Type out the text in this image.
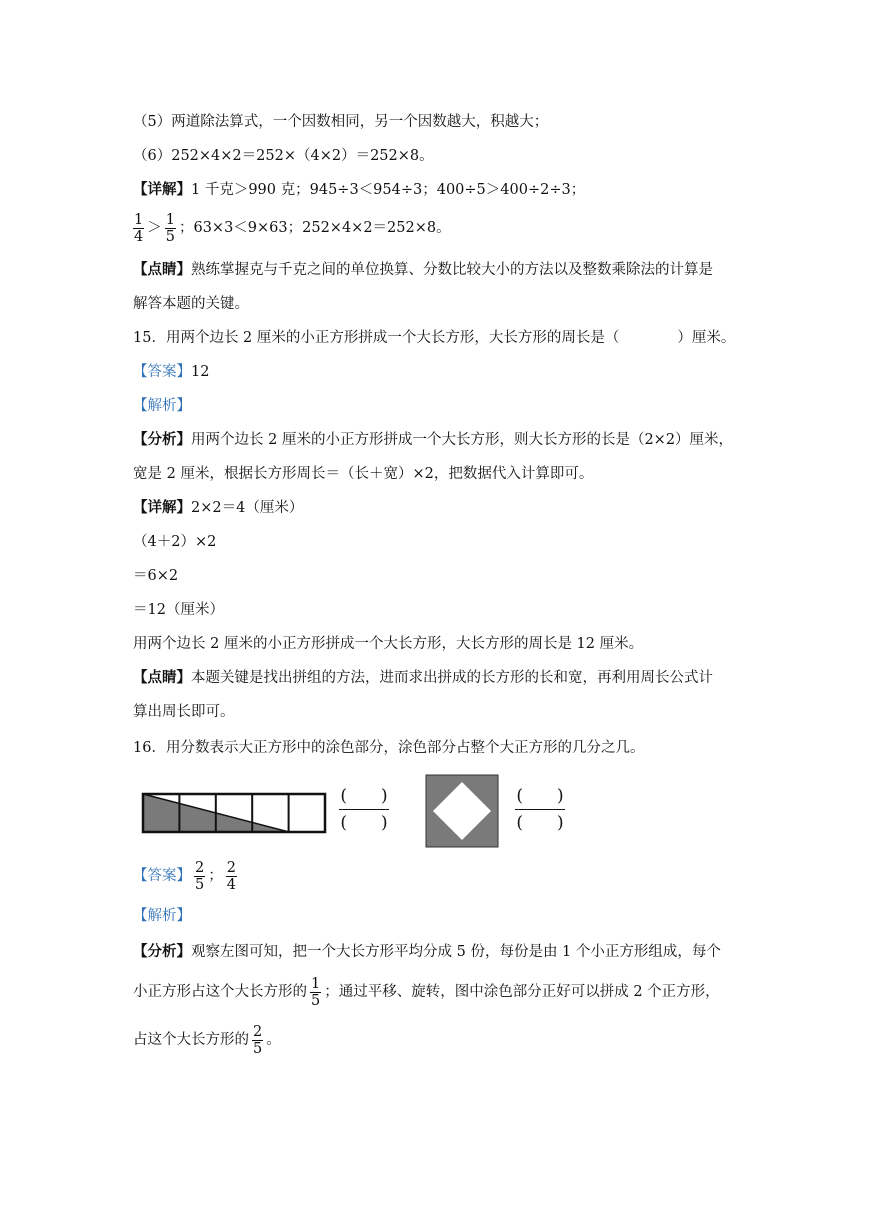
（5）两道除法算式，一个因数相同，另一个因数越大，积越大；
（6）252×4×2＝252×（4×2）＝252×8。
【详解】1 千克＞990 克；945÷3＜954÷3；400÷5＞400÷2÷3；
$\frac{1}{4} > \frac{1}{5}$ ；63×3＜9×63；252×4×2＝252×8。
【点睛】熟练掌握克与千克之间的单位换算、分数比较大小的方法以及整数乘除法的计算是
解答本题的关键。
15．用两个边长 2 厘米的小正方形拼成一个大长方形，大长方形的周长是（　　　　）厘米。
【答案】12
【解析】
【分析】用两个边长 2 厘米的小正方形拼成一个大长方形，则大长方形的长是（2×2）厘米，
宽是 2 厘米，根据长方形周长＝（长＋宽）×2，把数据代入计算即可。
【详解】2×2＝4（厘米）
（4＋2）×2
＝6×2
＝12（厘米）
用两个边长 2 厘米的小正方形拼成一个大长方形，大长方形的周长是 12 厘米。
【点睛】本题关键是找出拼组的方法，进而求出拼成的长方形的长和宽，再利用周长公式计
算出周长即可。
16．用分数表示大正方形中的涂色部分，涂色部分占整个大正方形的几分之几。
(　　)
(　　)
(　　)
(　　)
【答案】 $\frac{2}{5}$ ； $\frac{2}{4}$
【解析】
【分析】观察左图可知，把一个大长方形平均分成 5 份，每份是由 1 个小正方形组成，每个
小正方形占这个大长方形的 $\frac{1}{5}$ ；通过平移、旋转，图中涂色部分正好可以拼成 2 个正方形，
占这个大长方形的 $\frac{2}{5}$ 。
